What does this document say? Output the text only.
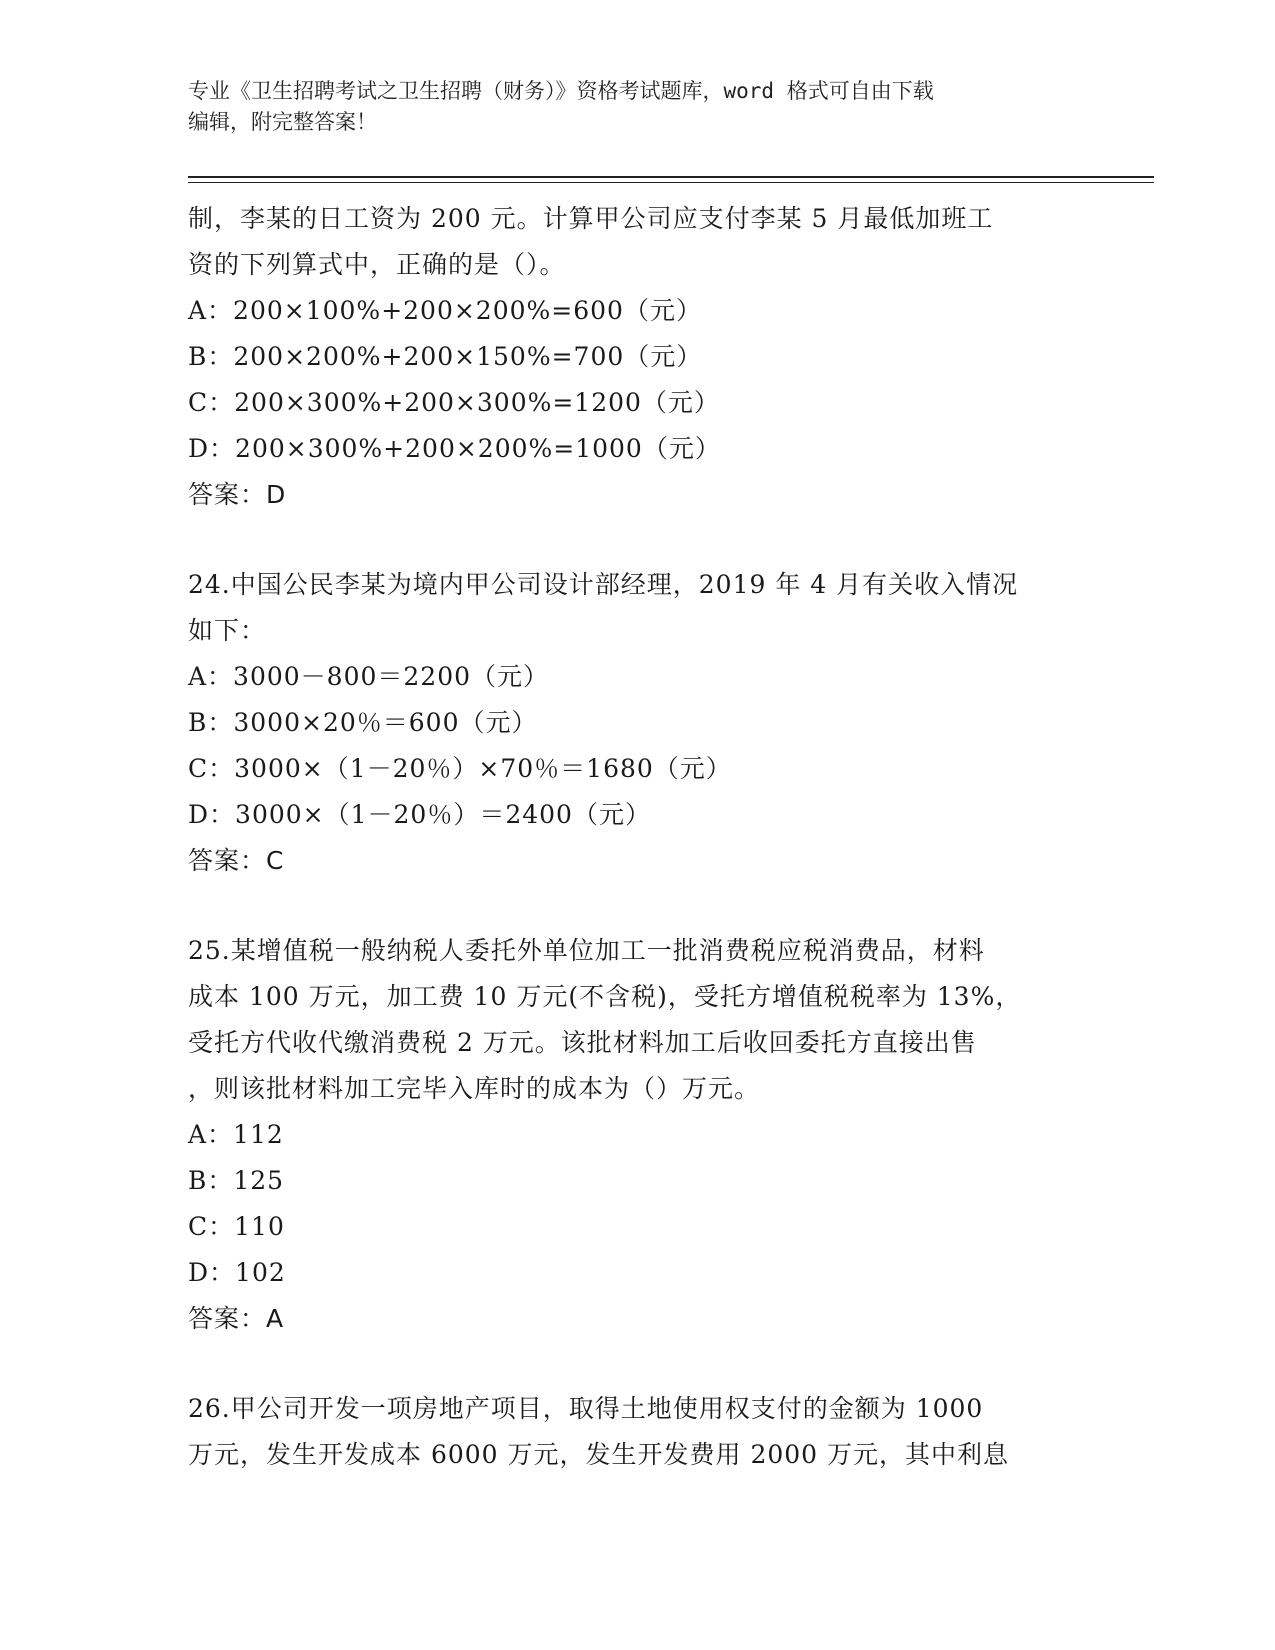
专业《卫生招聘考试之卫生招聘（财务）》资格考试题库，word 格式可自由下载
编辑，附完整答案！
制，李某的日工资为 200 元。计算甲公司应支付李某 5 月最低加班工
资的下列算式中，正确的是（）。
A：200×100%+200×200%=600（元）
B：200×200%+200×150%=700（元）
C：200×300%+200×300%=1200（元）
D：200×300%+200×200%=1000（元）
答案：D
24.中国公民李某为境内甲公司设计部经理，2019 年 4 月有关收入情况
如下：
A：3000－800＝2200（元）
B：3000×20％＝600（元）
C：3000×（1－20％）×70％＝1680（元）
D：3000×（1－20％）＝2400（元）
答案：C
25.某增值税一般纳税人委托外单位加工一批消费税应税消费品，材料
成本 100 万元，加工费 10 万元(不含税)，受托方增值税税率为 13%，
受托方代收代缴消费税 2 万元。该批材料加工后收回委托方直接出售
，则该批材料加工完毕入库时的成本为（）万元。
A：112
B：125
C：110
D：102
答案：A
26.甲公司开发一项房地产项目，取得土地使用权支付的金额为 1000
万元，发生开发成本 6000 万元，发生开发费用 2000 万元，其中利息
